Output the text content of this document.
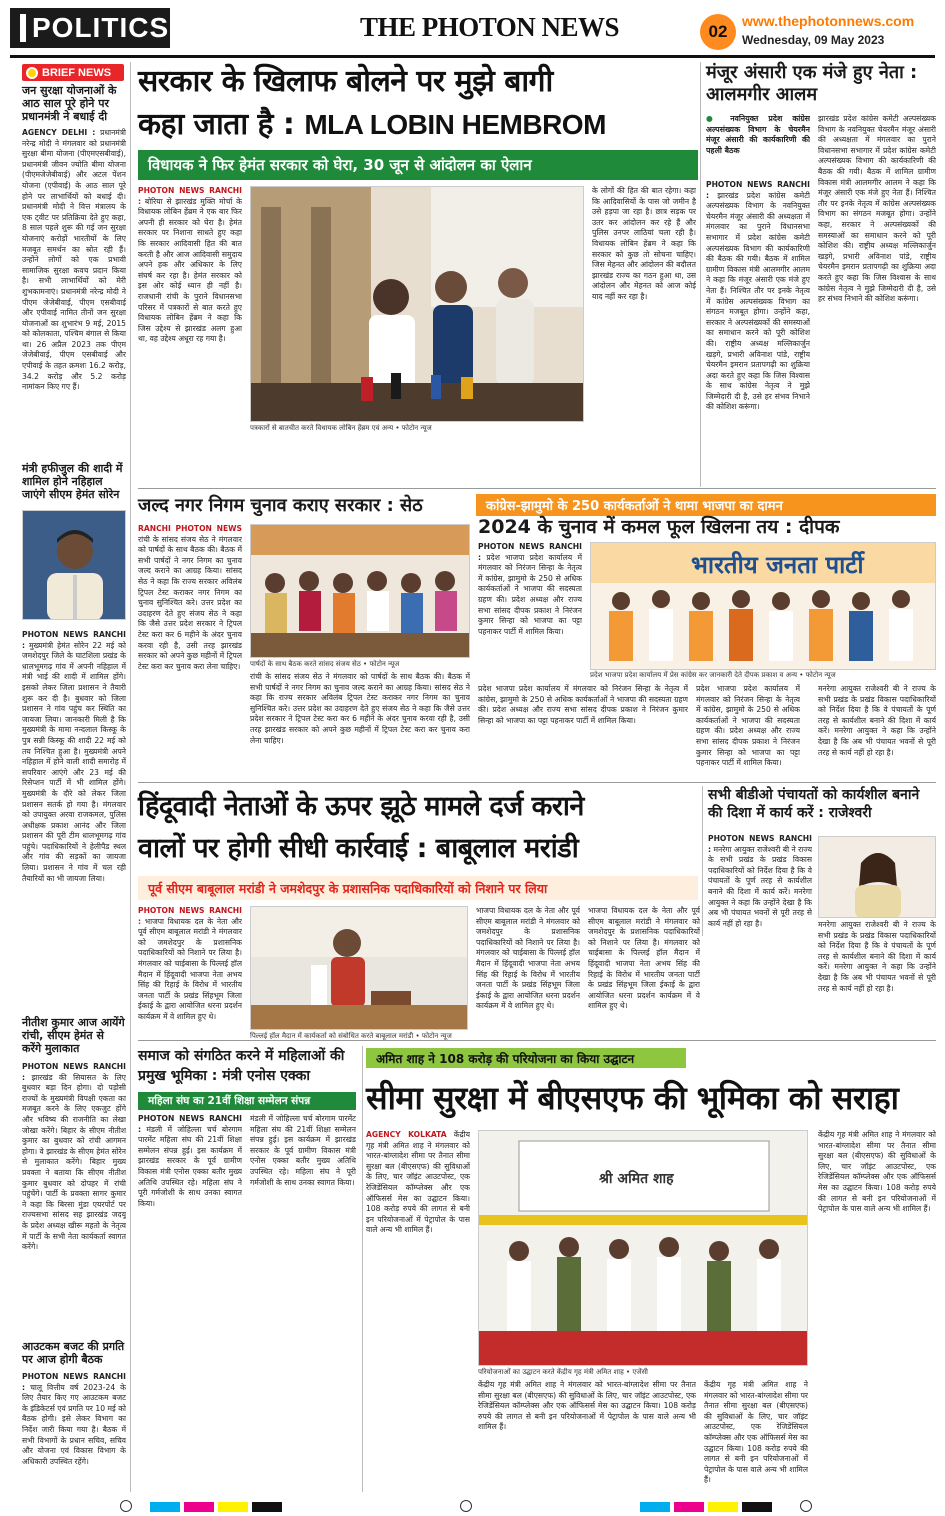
POLITICS	THE PHOTON NEWS	02
www.thephotonnews.com
Wednesday, 09 May 2023
BRIEF NEWS
जन सुरक्षा योजनाओं के आठ साल पूरे होने पर प्रधानमंत्री ने बधाई दी
AGENCY DELHI : प्रधानमंत्री नरेन्द्र मोदी ने मंगलवार को प्रधानमंत्री सुरक्षा बीमा योजना (पीएमएसबीवाई), प्रधानमंत्री जीवन ज्योति बीमा योजना (पीएमजेजेबीवाई) और अटल पेंशन योजना (एपीवाई) के आठ साल पूरे होने पर लाभार्थियों को बधाई दी। प्रधानमंत्री मोदी ने वित्त मंत्रालय के एक ट्वीट पर प्रतिक्रिया देते हुए कहा, 8 साल पहले शुरू की गई जन सुरक्षा योजनाएं करोड़ों भारतीयों के लिए मजबूत समर्थन का स्रोत रही हैं। उन्होंने लोगों को एक प्रभावी सामाजिक सुरक्षा कवच प्रदान किया है। सभी लाभार्थियों को मेरी शुभकामनाएं। प्रधानमंत्री नरेन्द्र मोदी ने पीएम जेजेबीवाई, पीएम एसबीवाई और एपीवाई नामित तीनों जन सुरक्षा योजनाओं का शुभारंभ 9 मई, 2015 को कोलकाता, पश्चिम बंगाल से किया था। 26 अप्रैल 2023 तक पीएम जेजेबीवाई, पीएम एसबीवाई और एपीवाई के तहत क्रमशः 16.2 करोड़, 34.2 करोड़ और 5.2 करोड़ नामांकन किए गए हैं।
मंत्री हफीजुल की शादी में शामिल होने नहिहाल जाएंगे सीएम हेमंत सोरेन
PHOTON NEWS RANCHI : मुख्यमंत्री हेमंत सोरेन 22 मई को जमशेदपुर जिले के घाटशिला प्रखंड के धालभूमगढ़ गांव में अपनी नहिहाल में मंत्री भाई की शादी में शामिल होंगे। इसको लेकर जिला प्रशासन ने तैयारी शुरू कर दी है। बुधवार को जिला प्रशासन ने गांव पहुंच कर स्थिति का जायजा लिया। जानकारी मिली है कि मुख्यमंत्री के मामा नन्दलाल किस्कू के पुत्र सन्नी किस्कू की शादी 22 मई को तय निश्चित हुआ है। मुख्यमंत्री अपने नहिहाल में होने वाली शादी समारोह में सपरिवार आएंगे और 23 मई की रिसेप्शन पार्टी में भी शामिल होंगे। मुख्यमंत्री के दौरे को लेकर जिला प्रशासन सतर्क हो गया है। मंगलवार को उपायुक्त अरवा राजकमल, पुलिस अधीक्षक प्रकाश आनंद और जिला प्रशासन की पूरी टीम धालभूमगढ़ गांव पहुंचे। पदाधिकारियों ने हेलीपैड स्थल और गांव की सड़कों का जायजा लिया। प्रशासन ने गांव में चल रही तैयारियों का भी जायजा लिया।
नीतीश कुमार आज आयेंगे रांची, सीएम हेमंत से करेंगे मुलाकात
PHOTON NEWS RANCHI : झारखंड की सियासत के लिए बुधवार बड़ा दिन होगा। दो पड़ोसी राज्यों के मुख्यमंत्री विपक्षी एकता का मजबूत करने के लिए एकजुट होंगे और भविष्य की राजनीति का लेखा जोखा करेंगे। बिहार के सीएम नीतीश कुमार का बुधवार को रांची आगमन होगा। वे झारखंड के सीएम हेमंत सोरेन से मुलाकात करेंगे। बिहार मुख्य प्रवक्ता ने बताया कि सीएम नीतीश कुमार बुधवार को दोपहर में रांची पहुंचेंगे। पार्टी के प्रवक्ता सागर कुमार ने कहा कि बिरसा मुंडा एयरपोर्ट पर राज्यसभा सांसद सह झारखंड जदयू के प्रदेश अध्यक्ष खीरू महतो के नेतृत्व में पार्टी के सभी नेता कार्यकर्ता स्वागत करेंगे।
आउटकम बजट की प्रगति पर आज होगी बैठक
PHOTON NEWS RANCHI : चालू वित्तीय वर्ष 2023-24 के लिए तैयार किए गए आउटकम बजट के इंडिकेटर्स एवं प्रगति पर 10 मई को बैठक होगी। इसे लेकर विभाग का निर्देश जारी किया गया है। बैठक में सभी विभागों के प्रधान सचिव, सचिव और योजना एवं विकास विभाग के अधिकारी उपस्थित रहेंगे।
सरकार के खिलाफ बोलने पर मुझे बागी
कहा जाता है : MLA LOBIN HEMBROM
विधायक ने फिर हेमंत सरकार को घेरा, 30 जून से आंदोलन का ऐलान
PHOTON NEWS RANCHI : बोरिया से झारखंड मुक्ति मोर्चा के विधायक लोबिन हेंब्रम ने एक बार फिर अपनी ही सरकार को घेरा है। हेमंत सरकार पर निशाना साधते हुए कहा कि सरकार आदिवासी हित की बात करती है और आज आदिवासी समुदाय अपने हक और अधिकार के लिए संघर्ष कर रहा है। हेमंत सरकार को इस ओर कोई ध्यान ही नहीं है। राजधानी रांची के पुराने विधानसभा परिसर में पत्रकारों से बात करते हुए विधायक लोबिन हेंब्रम ने कहा कि जिस उद्देश्य से झारखंड अलग हुआ था, वह उद्देश्य अधूरा रह गया है।
पत्रकारों से बातचीत करते विधायक लोबिन हेंब्रम एवं अन्य • फोटोन न्यूज
के लोगों की हित की बात रहेगा। कहा कि आदिवासियों के पास जो जमीन है उसे हड़पा जा रहा है। छात्र सड़क पर उतर कर आंदोलन कर रहे हैं और पुलिस उनपर लाठियां चला रही है। विधायक लोबिन हेंब्रम ने कहा कि सरकार को कुछ तो सोचना चाहिए। जिस मेहनत और आंदोलन की बदौलत झारखंड राज्य का गठन हुआ था, उस आंदोलन और मेहनत को आज कोई याद नहीं कर रहा है।
मंजूर अंसारी एक मंजे हुए नेता : आलमगीर आलम
● नवनियुक्त प्रदेश कांग्रेस अल्पसंख्यक विभाग के चेयरमैन मंजूर अंसारी की कार्यकारिणी की पहली बैठक
PHOTON NEWS RANCHI : झारखंड प्रदेश कांग्रेस कमेटी अल्पसंख्यक विभाग के नवनियुक्त चेयरमैन मंजूर अंसारी की अध्यक्षता में मंगलवार का पुराने विधानसभा सभागार में प्रदेश कांग्रेस कमेटी अल्पसंख्यक विभाग की कार्यकारिणी की बैठक की गयी। बैठक में शामिल ग्रामीण विकास मंत्री आलमगीर आलम ने कहा कि मंजूर अंसारी एक मंजे हुए नेता हैं। निश्चित तौर पर इनके नेतृत्व में कांग्रेस अल्पसंख्यक विभाग का संगठन मजबूत होगा। उन्होंने कहा, सरकार ने अल्पसंख्यकों की समस्याओं का समाधान करने को पूरी कोशिश की। राष्ट्रीय अध्यक्ष मल्लिकार्जुन खड़गे, प्रभारी अविनाश पांडे, राष्ट्रीय चेयरमैन इमरान प्रतापगढ़ी का शुक्रिया अदा करते हुए कहा कि जिस विश्वास के साथ कांग्रेस नेतृत्व ने मुझे जिम्मेदारी दी है, उसे हर संभव निभाने की कोशिश करूंगा।
झारखंड प्रदेश कांग्रेस कमेटी अल्पसंख्यक विभाग के नवनियुक्त चेयरमैन मंजूर अंसारी की अध्यक्षता में मंगलवार का पुराने विधानसभा सभागार में प्रदेश कांग्रेस कमेटी अल्पसंख्यक विभाग की कार्यकारिणी की बैठक की गयी। बैठक में शामिल ग्रामीण विकास मंत्री आलमगीर आलम ने कहा कि मंजूर अंसारी एक मंजे हुए नेता हैं। निश्चित तौर पर इनके नेतृत्व में कांग्रेस अल्पसंख्यक विभाग का संगठन मजबूत होगा। उन्होंने कहा, सरकार ने अल्पसंख्यकों की समस्याओं का समाधान करने को पूरी कोशिश की। राष्ट्रीय अध्यक्ष मल्लिकार्जुन खड़गे, प्रभारी अविनाश पांडे, राष्ट्रीय चेयरमैन इमरान प्रतापगढ़ी का शुक्रिया अदा करते हुए कहा कि जिस विश्वास के साथ कांग्रेस नेतृत्व ने मुझे जिम्मेदारी दी है, उसे हर संभव निभाने की कोशिश करूंगा।
जल्द नगर निगम चुनाव कराए सरकार : सेठ
RANCHI PHOTON NEWS रांची के सांसद संजय सेठ ने मंगलवार को पार्षदों के साथ बैठक की। बैठक में सभी पार्षदों ने नगर निगम का चुनाव जल्द कराने का आग्रह किया। सांसद सेठ ने कहा कि राज्य सरकार अविलंब ट्रिपल टेस्ट कराकर नगर निगम का चुनाव सुनिश्चित करे। उत्तर प्रदेश का उदाहरण देते हुए संजय सेठ ने कहा कि जैसे उत्तर प्रदेश सरकार ने ट्रिपल टेस्ट करा कर 6 महीने के अंदर चुनाव करवा रही है, उसी तरह झारखंड सरकार को अपने कुछ महीनों में ट्रिपल टेस्ट करा कर चुनाव करा लेना चाहिए। पार्षदों के साथ बैठक करते सांसद संजय सेठ • फोटोन न्यूज
रांची के सांसद संजय सेठ ने मंगलवार को पार्षदों के साथ बैठक की। बैठक में सभी पार्षदों ने नगर निगम का चुनाव जल्द कराने का आग्रह किया। सांसद सेठ ने कहा कि राज्य सरकार अविलंब ट्रिपल टेस्ट कराकर नगर निगम का चुनाव सुनिश्चित करे। उत्तर प्रदेश का उदाहरण देते हुए संजय सेठ ने कहा कि जैसे उत्तर प्रदेश सरकार ने ट्रिपल टेस्ट करा कर 6 महीने के अंदर चुनाव करवा रही है, उसी तरह झारखंड सरकार को अपने कुछ महीनों में ट्रिपल टेस्ट करा कर चुनाव करा लेना चाहिए।
कांग्रेस-झामुमो के 250 कार्यकर्ताओं ने थामा भाजपा का दामन
2024 के चुनाव में कमल फूल खिलना तय : दीपक
PHOTON NEWS RANCHI : प्रदेश भाजपा प्रदेश कार्यालय में मंगलवार को निरंजन सिन्हा के नेतृत्व में कांग्रेस, झामुमो के 250 से अधिक कार्यकर्ताओं ने भाजपा की सदस्यता ग्रहण की। प्रदेश अध्यक्ष और राज्य सभा सांसद दीपक प्रकाश ने निरंजन कुमार सिन्हा को भाजपा का पट्टा पहनाकर पार्टी में शामिल किया।
भारतीय जनता पार्टी
प्रदेश भाजपा प्रदेश कार्यालय में प्रेस कांग्रेस कर जानकारी देते दीपक प्रकाश व अन्य • फोटोन न्यूज
प्रदेश भाजपा प्रदेश कार्यालय में मंगलवार को निरंजन सिन्हा के नेतृत्व में कांग्रेस, झामुमो के 250 से अधिक कार्यकर्ताओं ने भाजपा की सदस्यता ग्रहण की। प्रदेश अध्यक्ष और राज्य सभा सांसद दीपक प्रकाश ने निरंजन कुमार सिन्हा को भाजपा का पट्टा पहनाकर पार्टी में शामिल किया।
प्रदेश भाजपा प्रदेश कार्यालय में मंगलवार को निरंजन सिन्हा के नेतृत्व में कांग्रेस, झामुमो के 250 से अधिक कार्यकर्ताओं ने भाजपा की सदस्यता ग्रहण की। प्रदेश अध्यक्ष और राज्य सभा सांसद दीपक प्रकाश ने निरंजन कुमार सिन्हा को भाजपा का पट्टा पहनाकर पार्टी में शामिल किया।
मनरेगा आयुक्त राजेश्वरी बी ने राज्य के सभी प्रखंड के प्रखंड विकास पदाधिकारियों को निर्देश दिया है कि वे पंचायतों के पूर्ण तरह से कार्यशील बनाने की दिशा में कार्य करें। मनरेगा आयुक्त ने कहा कि उन्होंने देखा है कि अब भी पंचायत भवनों से पूरी तरह से कार्य नहीं हो रहा है।
सभी बीडीओ पंचायतों को कार्यशील बनाने की दिशा में कार्य करें : राजेश्वरी
PHOTON NEWS RANCHI : मनरेगा आयुक्त राजेश्वरी बी ने राज्य के सभी प्रखंड के प्रखंड विकास पदाधिकारियों को निर्देश दिया है कि वे पंचायतों के पूर्ण तरह से कार्यशील बनाने की दिशा में कार्य करें। मनरेगा आयुक्त ने कहा कि उन्होंने देखा है कि अब भी पंचायत भवनों से पूरी तरह से कार्य नहीं हो रहा है।	मनरेगा आयुक्त राजेश्वरी बी ने राज्य के सभी प्रखंड के प्रखंड विकास पदाधिकारियों को निर्देश दिया है कि वे पंचायतों के पूर्ण तरह से कार्यशील बनाने की दिशा में कार्य करें। मनरेगा आयुक्त ने कहा कि उन्होंने देखा है कि अब भी पंचायत भवनों से पूरी तरह से कार्य नहीं हो रहा है।
हिंदूवादी नेताओं के ऊपर झूठे मामले दर्ज कराने
वालों पर होगी सीधी कार्रवाई : बाबूलाल मरांडी
पूर्व सीएम बाबूलाल मरांडी ने जमशेदपुर के प्रशासनिक पदाधिकारियों को निशाने पर लिया
PHOTON NEWS RANCHI : भाजपा विधायक दल के नेता और पूर्व सीएम बाबूलाल मरांडी ने मंगलवार को जमशेदपुर के प्रशासनिक पदाधिकारियों को निशाने पर लिया है। मंगलवार को चाईबासा के पिल्लई हॉल मैदान में हिंदूवादी भाजपा नेता अभय सिंह की रिहाई के विरोध में भारतीय जनता पार्टी के प्रखंड सिंहभूम जिला ईकाई के द्वारा आयोजित धरना प्रदर्शन कार्यक्रम में वे शामिल हुए थे।
पिल्लई हॉल मैदान में कार्यकर्ता को संबोधित करते बाबूलाल मरांडी • फोटोन न्यूज
भाजपा विधायक दल के नेता और पूर्व सीएम बाबूलाल मरांडी ने मंगलवार को जमशेदपुर के प्रशासनिक पदाधिकारियों को निशाने पर लिया है। मंगलवार को चाईबासा के पिल्लई हॉल मैदान में हिंदूवादी भाजपा नेता अभय सिंह की रिहाई के विरोध में भारतीय जनता पार्टी के प्रखंड सिंहभूम जिला ईकाई के द्वारा आयोजित धरना प्रदर्शन कार्यक्रम में वे शामिल हुए थे।
भाजपा विधायक दल के नेता और पूर्व सीएम बाबूलाल मरांडी ने मंगलवार को जमशेदपुर के प्रशासनिक पदाधिकारियों को निशाने पर लिया है। मंगलवार को चाईबासा के पिल्लई हॉल मैदान में हिंदूवादी भाजपा नेता अभय सिंह की रिहाई के विरोध में भारतीय जनता पार्टी के प्रखंड सिंहभूम जिला ईकाई के द्वारा आयोजित धरना प्रदर्शन कार्यक्रम में वे शामिल हुए थे।
समाज को संगठित करने में महिलाओं की प्रमुख भूमिका : मंत्री एनोस एक्का
महिला संघ का 21वीं शिक्षा सम्मेलन संपन्न
PHOTON NEWS RANCHI : मंडली में जोहिल्ला चर्च बोरगाम पारमेंट महिला संघ की 21वीं शिक्षा सम्मेलन संपन्न हुई। इस कार्यक्रम में झारखंड सरकार के पूर्व ग्रामीण विकास मंत्री एनोस एक्का बतौर मुख्य अतिथि उपस्थित रहे। महिला संघ ने पूरी गर्मजोशी के साथ उनका स्वागत किया।
मंडली में जोहिल्ला चर्च बोरगाम पारमेंट महिला संघ की 21वीं शिक्षा सम्मेलन संपन्न हुई। इस कार्यक्रम में झारखंड सरकार के पूर्व ग्रामीण विकास मंत्री एनोस एक्का बतौर मुख्य अतिथि उपस्थित रहे। महिला संघ ने पूरी गर्मजोशी के साथ उनका स्वागत किया।
अमित शाह ने 108 करोड़ की परियोजना का किया उद्घाटन
सीमा सुरक्षा में बीएसएफ की भूमिका को सराहा
AGENCY KOLKATA केंद्रीय गृह मंत्री अमित शाह ने मंगलवार को भारत-बांग्लादेश सीमा पर तैनात सीमा सुरक्षा बल (बीएसएफ) की सुविधाओं के लिए, चार जॉइंट आउटपोस्ट, एक रेजिडेंसियल कॉम्प्लेक्स और एक ऑफिसर्स मेस का उद्घाटन किया। 108 करोड़ रुपये की लागत से बनी इन परियोजनाओं में पेट्रापोल के पास वाले अन्य भी शामिल हैं।
श्री अमित शाह
परियोजनाओं का उद्घाटन करते केंद्रीय गृह मंत्री अमित शाह • एजेंसी
केंद्रीय गृह मंत्री अमित शाह ने मंगलवार को भारत-बांग्लादेश सीमा पर तैनात सीमा सुरक्षा बल (बीएसएफ) की सुविधाओं के लिए, चार जॉइंट आउटपोस्ट, एक रेजिडेंसियल कॉम्प्लेक्स और एक ऑफिसर्स मेस का उद्घाटन किया। 108 करोड़ रुपये की लागत से बनी इन परियोजनाओं में पेट्रापोल के पास वाले अन्य भी शामिल हैं।
केंद्रीय गृह मंत्री अमित शाह ने मंगलवार को भारत-बांग्लादेश सीमा पर तैनात सीमा सुरक्षा बल (बीएसएफ) की सुविधाओं के लिए, चार जॉइंट आउटपोस्ट, एक रेजिडेंसियल कॉम्प्लेक्स और एक ऑफिसर्स मेस का उद्घाटन किया। 108 करोड़ रुपये की लागत से बनी इन परियोजनाओं में पेट्रापोल के पास वाले अन्य भी शामिल हैं।
केंद्रीय गृह मंत्री अमित शाह ने मंगलवार को भारत-बांग्लादेश सीमा पर तैनात सीमा सुरक्षा बल (बीएसएफ) की सुविधाओं के लिए, चार जॉइंट आउटपोस्ट, एक रेजिडेंसियल कॉम्प्लेक्स और एक ऑफिसर्स मेस का उद्घाटन किया। 108 करोड़ रुपये की लागत से बनी इन परियोजनाओं में पेट्रापोल के पास वाले अन्य भी शामिल हैं।
